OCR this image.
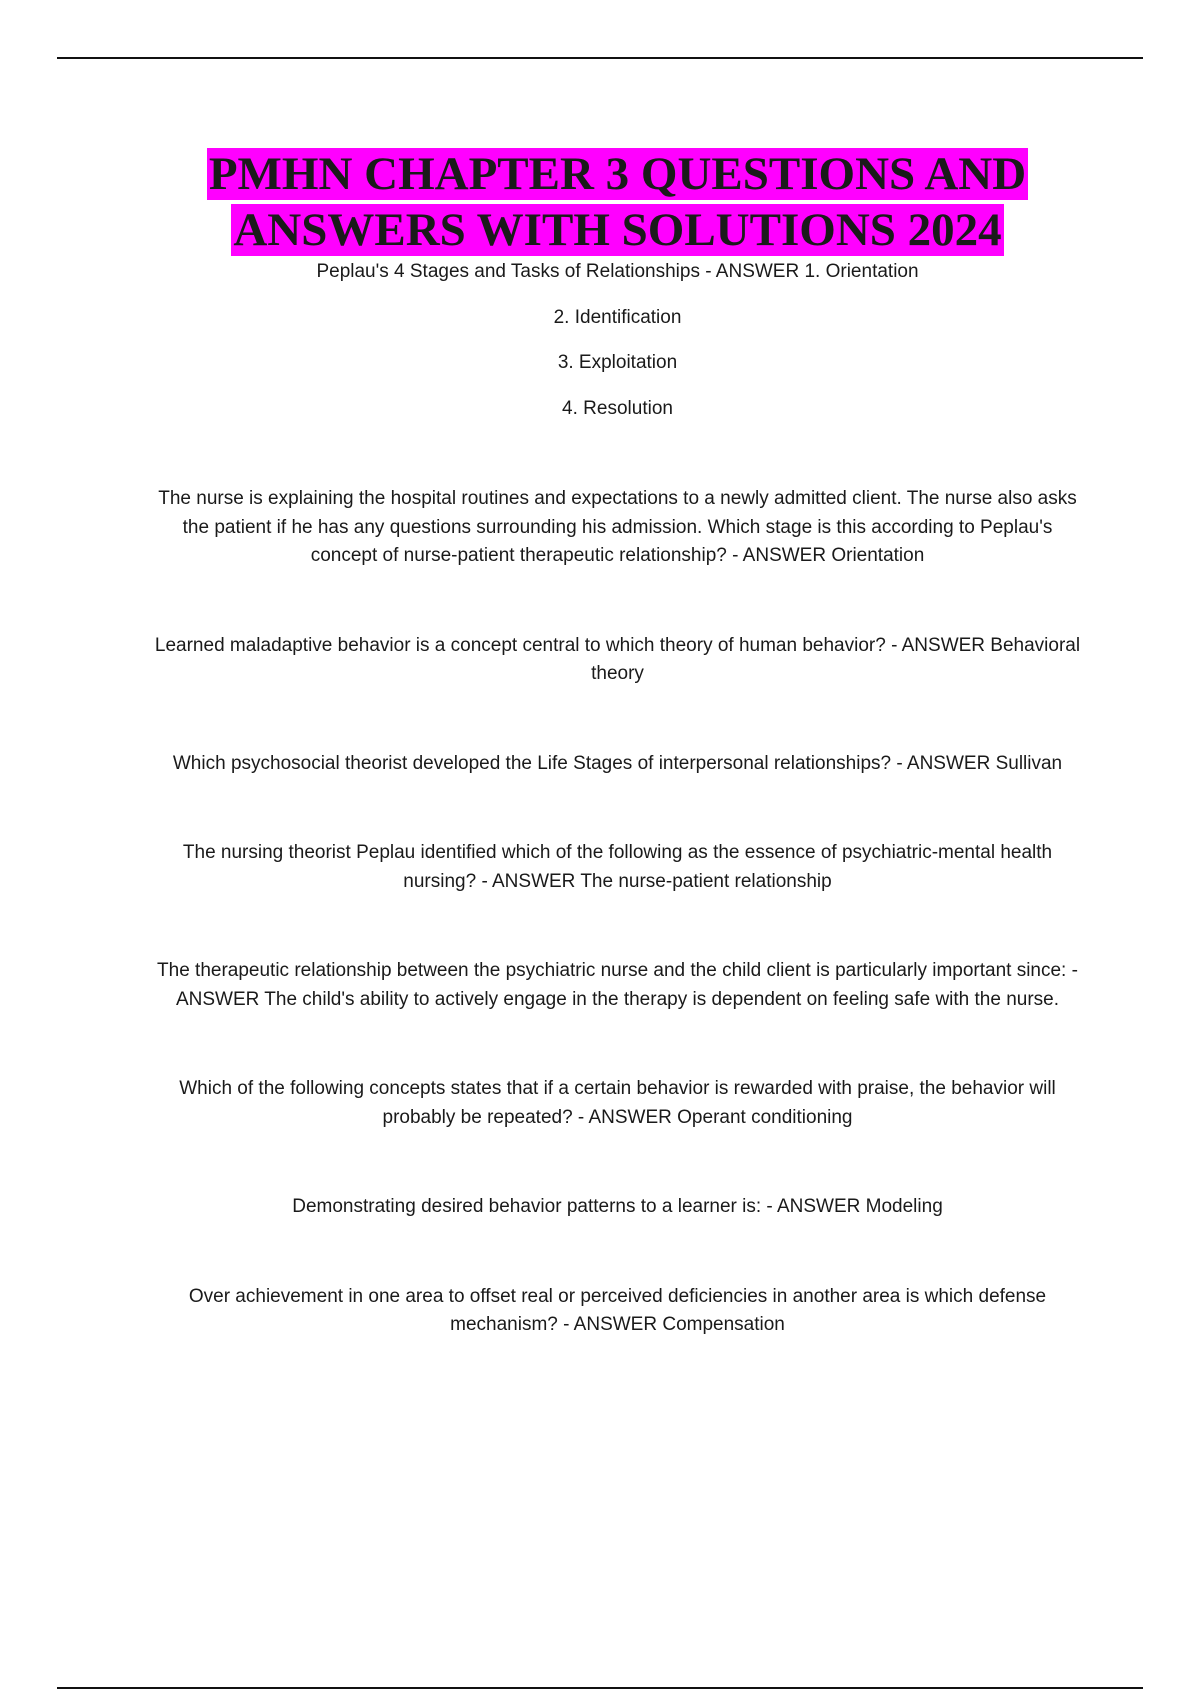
PMHN CHAPTER 3 QUESTIONS AND
ANSWERS WITH SOLUTIONS 2024

Peplau's 4 Stages and Tasks of Relationships - ANSWER 1. Orientation

2. Identification

3. Exploitation

4. Resolution

The nurse is explaining the hospital routines and expectations to a newly admitted client. The nurse also asks the patient if he has any questions surrounding his admission. Which stage is this according to Peplau's concept of nurse-patient therapeutic relationship? - ANSWER Orientation

Learned maladaptive behavior is a concept central to which theory of human behavior? - ANSWER Behavioral theory

Which psychosocial theorist developed the Life Stages of interpersonal relationships? - ANSWER Sullivan

The nursing theorist Peplau identified which of the following as the essence of psychiatric-mental health nursing? - ANSWER The nurse-patient relationship

The therapeutic relationship between the psychiatric nurse and the child client is particularly important since: - ANSWER The child's ability to actively engage in the therapy is dependent on feeling safe with the nurse.

Which of the following concepts states that if a certain behavior is rewarded with praise, the behavior will probably be repeated? - ANSWER Operant conditioning

Demonstrating desired behavior patterns to a learner is: - ANSWER Modeling

Over achievement in one area to offset real or perceived deficiencies in another area is which defense mechanism? - ANSWER Compensation
